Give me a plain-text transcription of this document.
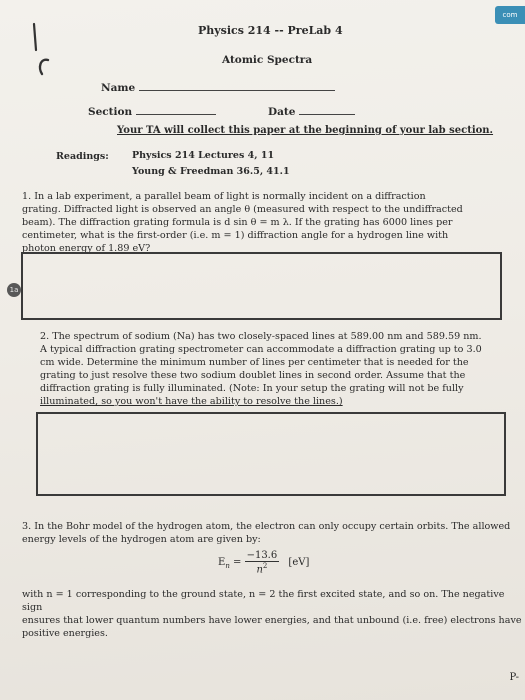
com
1a
Physics 214 -- PreLab 4
Atomic Spectra
Name
Section	Date
Your TA will collect this paper at the beginning of your lab section.
Readings: Physics 214 Lectures 4, 11
Young & Freedman 36.5, 41.1
1. In a lab experiment, a parallel beam of light is normally incident on a diffraction
grating. Diffracted light is observed an angle θ (measured with respect to the undiffracted
beam). The diffraction grating formula is d sin θ = m λ. If the grating has 6000 lines per
centimeter, what is the first-order (i.e. m = 1) diffraction angle for a hydrogen line with
photon energy of 1.89 eV?
2. The spectrum of sodium (Na) has two closely-spaced lines at 589.00 nm and 589.59 nm.
A typical diffraction grating spectrometer can accommodate a diffraction grating up to 3.0
cm wide. Determine the minimum number of lines per centimeter that is needed for the
grating to just resolve these two sodium doublet lines in second order. Assume that the
diffraction grating is fully illuminated. (Note: In your setup the grating will not be fully
illuminated, so you won't have the ability to resolve the lines.)
3. In the Bohr model of the hydrogen atom, the electron can only occupy certain orbits. The allowed
energy levels of the hydrogen atom are given by:
$E_n = \frac{-13.6}{n^2} [eV]$
with n = 1 corresponding to the ground state, n = 2 the first excited state, and so on. The negative sign
ensures that lower quantum numbers have lower energies, and that unbound (i.e. free) electrons have
positive energies.
P-
